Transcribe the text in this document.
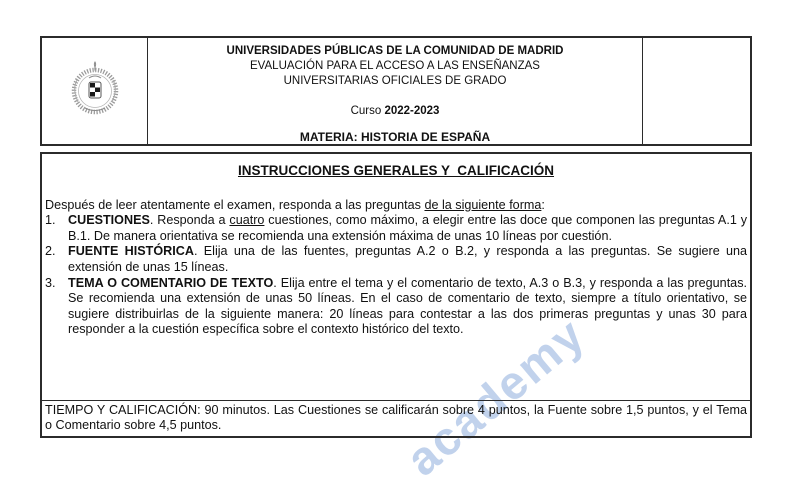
academy
UNIVERSIDADES PÚBLICAS DE LA COMUNIDAD DE MADRID
EVALUACIÓN PARA EL ACCESO A LAS ENSEÑANZAS
UNIVERSITARIAS OFICIALES DE GRADO
Curso 2022-2023
MATERIA: HISTORIA DE ESPAÑA
INSTRUCCIONES GENERALES Y  CALIFICACIÓN

Después de leer atentamente el examen, responda a las preguntas de la siguiente forma:

1. CUESTIONES. Responda a cuatro cuestiones, como máximo, a elegir entre las doce que componen las preguntas A.1 y B.1. De manera orientativa se recomienda una extensión máxima de unas 10 líneas por cuestión.
2. FUENTE HISTÓRICA. Elija una de las fuentes, preguntas A.2 o B.2, y responda a las preguntas. Se sugiere una extensión de unas 15 líneas.
3. TEMA O COMENTARIO DE TEXTO. Elija entre el tema y el comentario de texto, A.3 o B.3, y responda a las preguntas. Se recomienda una extensión de unas 50 líneas. En el caso de comentario de texto, siempre a título orientativo, se sugiere distribuirlas de la siguiente manera: 20 líneas para contestar a las dos primeras preguntas y unas 30 para responder a la cuestión específica sobre el contexto histórico del texto.
TIEMPO Y CALIFICACIÓN: 90 minutos. Las Cuestiones se calificarán sobre 4 puntos, la Fuente sobre 1,5 puntos, y el Tema o Comentario sobre 4,5 puntos.
